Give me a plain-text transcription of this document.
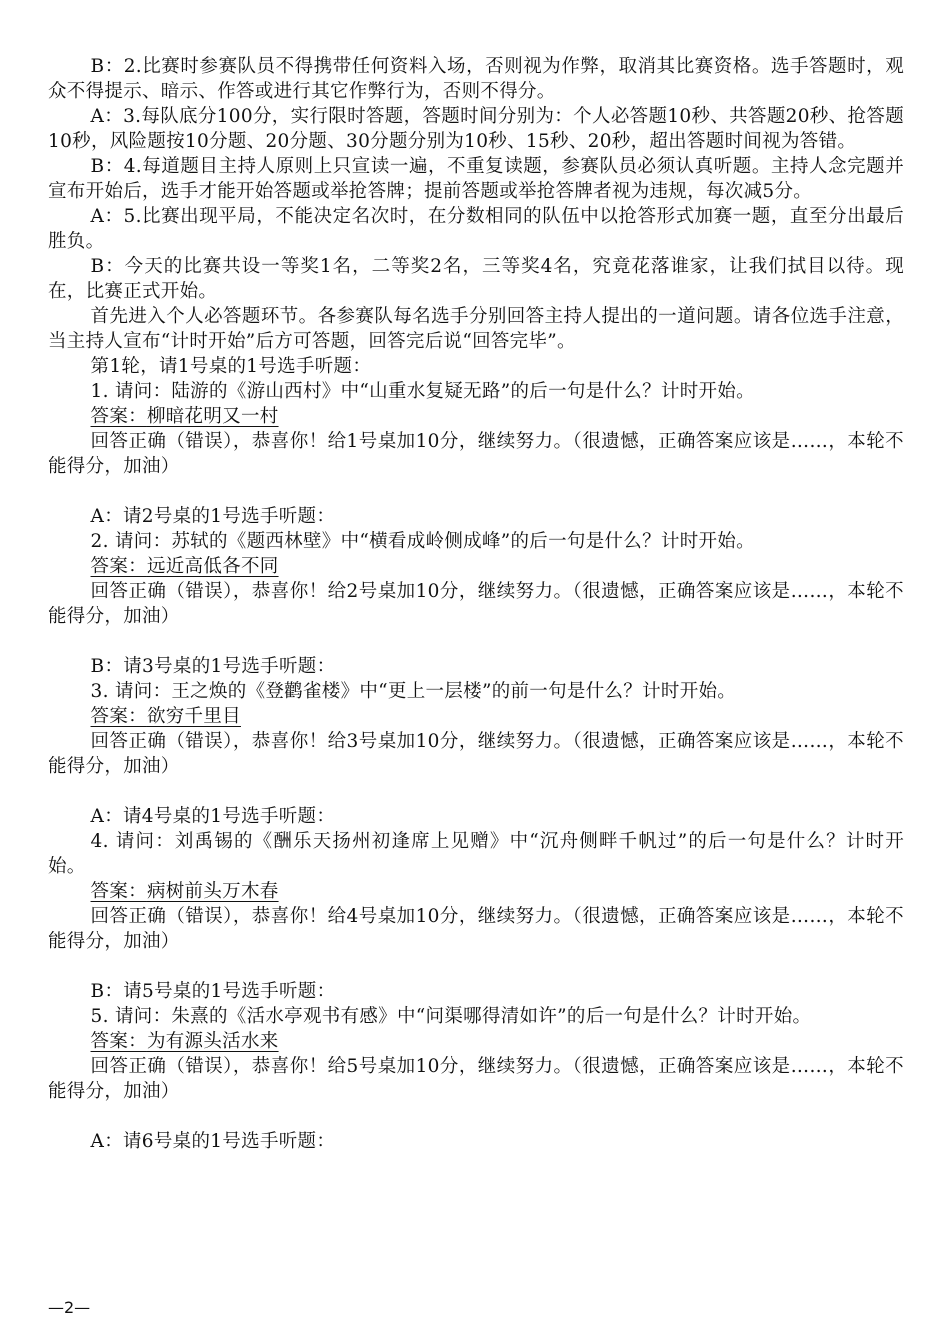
B：2.比赛时参赛队员不得携带任何资料入场，否则视为作弊，取消其比赛资格。选手答题时，观众不得提示、暗示、作答或进行其它作弊行为，否则不得分。

A：3.每队底分100分，实行限时答题，答题时间分别为：个人必答题10秒、共答题20秒、抢答题10秒，风险题按10分题、20分题、30分题分别为10秒、15秒、20秒，超出答题时间视为答错。

B：4.每道题目主持人原则上只宣读一遍，不重复读题，参赛队员必须认真听题。主持人念完题并宣布开始后，选手才能开始答题或举抢答牌；提前答题或举抢答牌者视为违规，每次减5分。

A：5.比赛出现平局，不能决定名次时，在分数相同的队伍中以抢答形式加赛一题，直至分出最后胜负。

B：今天的比赛共设一等奖1名，二等奖2名，三等奖4名，究竟花落谁家，让我们拭目以待。现在，比赛正式开始。

首先进入个人必答题环节。各参赛队每名选手分别回答主持人提出的一道问题。请各位选手注意，当主持人宣布“计时开始”后方可答题，回答完后说“回答完毕”。

第1轮，请1号桌的1号选手听题：

1. 请问：陆游的《游山西村》中“山重水复疑无路”的后一句是什么？计时开始。

答案：柳暗花明又一村

回答正确（错误），恭喜你！给1号桌加10分，继续努力。（很遗憾，正确答案应该是……，本轮不能得分，加油）

A：请2号桌的1号选手听题：

2. 请问：苏轼的《题西林壁》中“横看成岭侧成峰”的后一句是什么？计时开始。

答案：远近高低各不同

回答正确（错误），恭喜你！给2号桌加10分，继续努力。（很遗憾，正确答案应该是……，本轮不能得分，加油）

B：请3号桌的1号选手听题：

3. 请问：王之焕的《登鹳雀楼》中“更上一层楼”的前一句是什么？计时开始。

答案：欲穷千里目

回答正确（错误），恭喜你！给3号桌加10分，继续努力。（很遗憾，正确答案应该是……，本轮不能得分，加油）

A：请4号桌的1号选手听题：

4. 请问：刘禹锡的《酬乐天扬州初逢席上见赠》中“沉舟侧畔千帆过”的后一句是什么？计时开始。

答案：病树前头万木春

回答正确（错误），恭喜你！给4号桌加10分，继续努力。（很遗憾，正确答案应该是……，本轮不能得分，加油）

B：请5号桌的1号选手听题：

5. 请问：朱熹的《活水亭观书有感》中“问渠哪得清如许”的后一句是什么？计时开始。

答案：为有源头活水来

回答正确（错误），恭喜你！给5号桌加10分，继续努力。（很遗憾，正确答案应该是……，本轮不能得分，加油）

A：请6号桌的1号选手听题：

—2—
